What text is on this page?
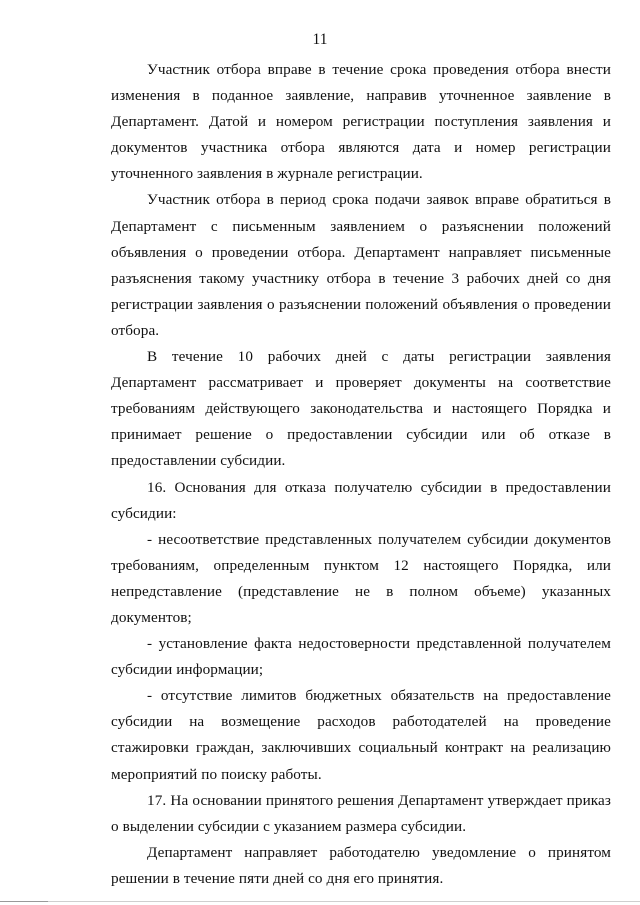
11

Участник отбора вправе в течение срока проведения отбора внести изменения в поданное заявление, направив уточненное заявление в Департамент. Датой и номером регистрации поступления заявления и документов участника отбора являются дата и номер регистрации уточненного заявления в журнале регистрации.

Участник отбора в период срока подачи заявок вправе обратиться в Департамент с письменным заявлением о разъяснении положений объявления о проведении отбора. Департамент направляет письменные разъяснения такому участнику отбора в течение 3 рабочих дней со дня регистрации заявления о разъяснении положений объявления о проведении отбора.

В течение 10 рабочих дней с даты регистрации заявления Департамент рассматривает и проверяет документы на соответствие требованиям действующего законодательства и настоящего Порядка и принимает решение о предоставлении субсидии или об отказе в предоставлении субсидии.

16. Основания для отказа получателю субсидии в предоставлении субсидии:

- несоответствие представленных получателем субсидии документов требованиям, определенным пунктом 12 настоящего Порядка, или непредставление (представление не в полном объеме) указанных документов;

- установление факта недостоверности представленной получателем субсидии информации;

- отсутствие лимитов бюджетных обязательств на предоставление субсидии на возмещение расходов работодателей на проведение стажировки граждан, заключивших социальный контракт на реализацию мероприятий по поиску работы.

17. На основании принятого решения Департамент утверждает приказ о выделении субсидии с указанием размера субсидии.

Департамент направляет работодателю уведомление о принятом решении в течение пяти дней со дня его принятия.
